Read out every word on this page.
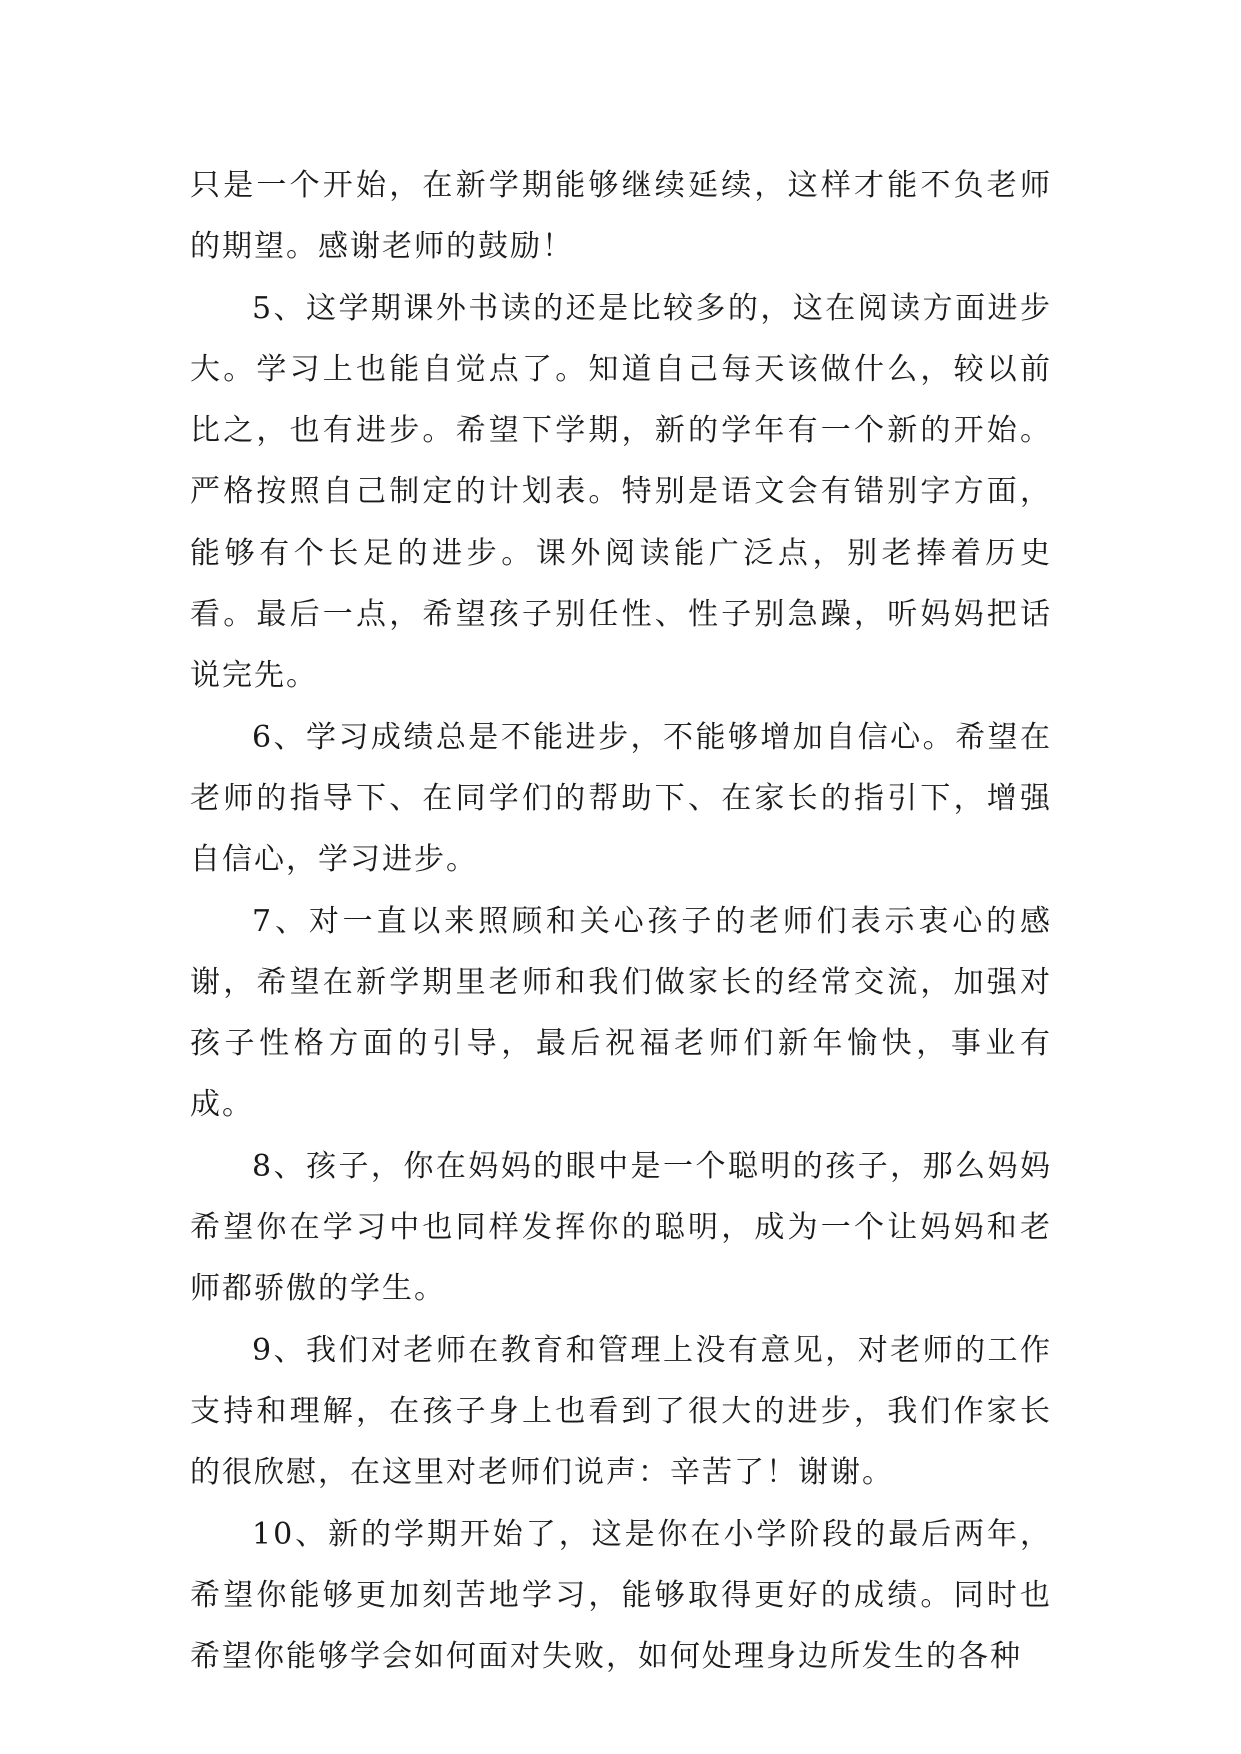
只是一个开始，在新学期能够继续延续，这样才能不负老师的期望。感谢老师的鼓励！

5、这学期课外书读的还是比较多的，这在阅读方面进步大。学习上也能自觉点了。知道自己每天该做什么，较以前比之，也有进步。希望下学期，新的学年有一个新的开始。严格按照自己制定的计划表。特别是语文会有错别字方面，能够有个长足的进步。课外阅读能广泛点，别老捧着历史看。最后一点，希望孩子别任性、性子别急躁，听妈妈把话说完先。

6、学习成绩总是不能进步，不能够增加自信心。希望在老师的指导下、在同学们的帮助下、在家长的指引下，增强自信心，学习进步。

7、对一直以来照顾和关心孩子的老师们表示衷心的感谢，希望在新学期里老师和我们做家长的经常交流，加强对孩子性格方面的引导，最后祝福老师们新年愉快，事业有成。

8、孩子，你在妈妈的眼中是一个聪明的孩子，那么妈妈希望你在学习中也同样发挥你的聪明，成为一个让妈妈和老师都骄傲的学生。

9、我们对老师在教育和管理上没有意见，对老师的工作支持和理解，在孩子身上也看到了很大的进步，我们作家长的很欣慰，在这里对老师们说声：辛苦了！谢谢。

10、新的学期开始了，这是你在小学阶段的最后两年，希望你能够更加刻苦地学习，能够取得更好的成绩。同时也希望你能够学会如何面对失败，如何处理身边所发生的各种
